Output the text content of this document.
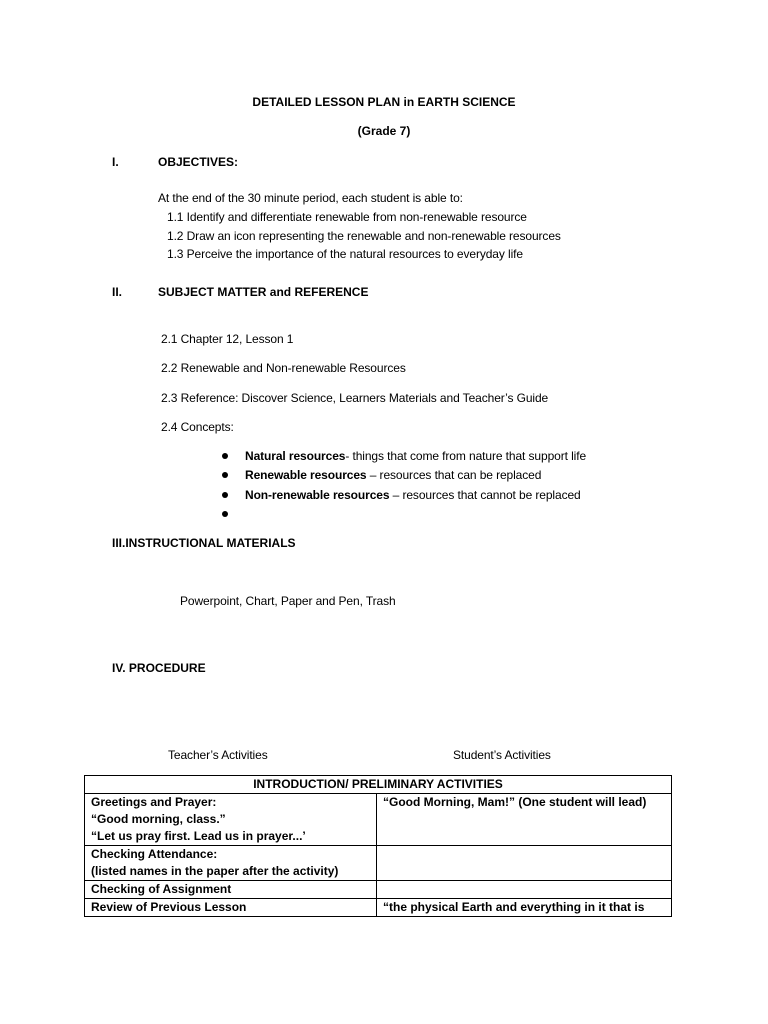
DETAILED LESSON PLAN in EARTH SCIENCE
(Grade 7)
I.	OBJECTIVES:
At the end of the 30 minute period, each student is able to:
1.1 Identify and differentiate renewable from non-renewable resource
1.2 Draw an icon representing the renewable and non-renewable resources
1.3 Perceive the importance of the natural resources to everyday life
II.	SUBJECT MATTER and REFERENCE
2.1 Chapter 12, Lesson 1
2.2 Renewable and Non-renewable Resources
2.3 Reference: Discover Science, Learners Materials and Teacher’s Guide
2.4 Concepts:
Natural resources- things that come from nature that support life
Renewable resources – resources that can be replaced
Non-renewable resources – resources that cannot be replaced
III.INSTRUCTIONAL MATERIALS
Powerpoint, Chart, Paper and Pen, Trash
IV. PROCEDURE
Teacher’s Activities	Student’s Activities
INTRODUCTION/ PRELIMINARY ACTIVITIES	

Greetings and Prayer:
“Good morning, class.”
“Let us pray first. Lead us in prayer...’	“Good Morning, Mam!” (One student will lead)

Checking Attendance:
(listed names in the paper after the activity)	

Checking of Assignment	

Review of Previous Lesson	“the physical Earth and everything in it that is
